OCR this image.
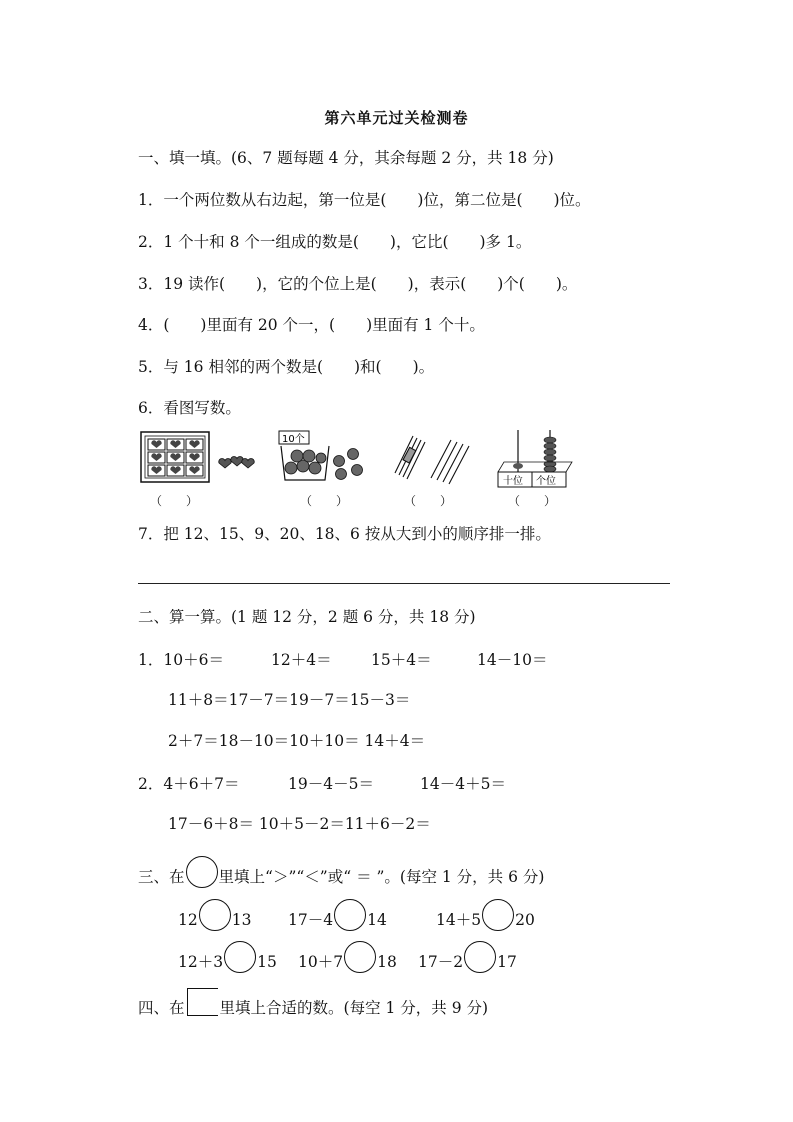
第六单元过关检测卷
一、填一填。(6、7 题每题 4 分，其余每题 2 分，共 18 分)
1．一个两位数从右边起，第一位是(　　)位，第二位是(　　)位。
2．1 个十和 8 个一组成的数是(　　)，它比(　　)多 1。
3．19 读作(　　)，它的个位上是(　　)，表示(　　)个(　　)。
4．(　　)里面有 20 个一，(　　)里面有 1 个十。
5．与 16 相邻的两个数是(　　)和(　　)。
6．看图写数。
（　　）
10个
（　　）	（　　）
十位 个位
（　　）
7．把 12、15、9、20、18、6 按从大到小的顺序排一排。
二、算一算。(1 题 12 分，2 题 6 分，共 18 分)
1．10＋6＝	12＋4＝	15＋4＝	14－10＝
11＋8＝17－7＝19－7＝15－3＝
2＋7＝18－10＝10＋10＝ 14＋4＝
2．4＋6＋7＝	19－4－5＝	14－4＋5＝
17－6＋8＝ 10＋5－2＝11＋6－2＝
三、在 里填上“＞”“＜”或“ ＝ ”。(每空 1 分，共 6 分)
12 13 17－4 14	14＋5 20
12＋3 15 10＋7 18 17－2 17
四、在 里填上合适的数。(每空 1 分，共 9 分)
